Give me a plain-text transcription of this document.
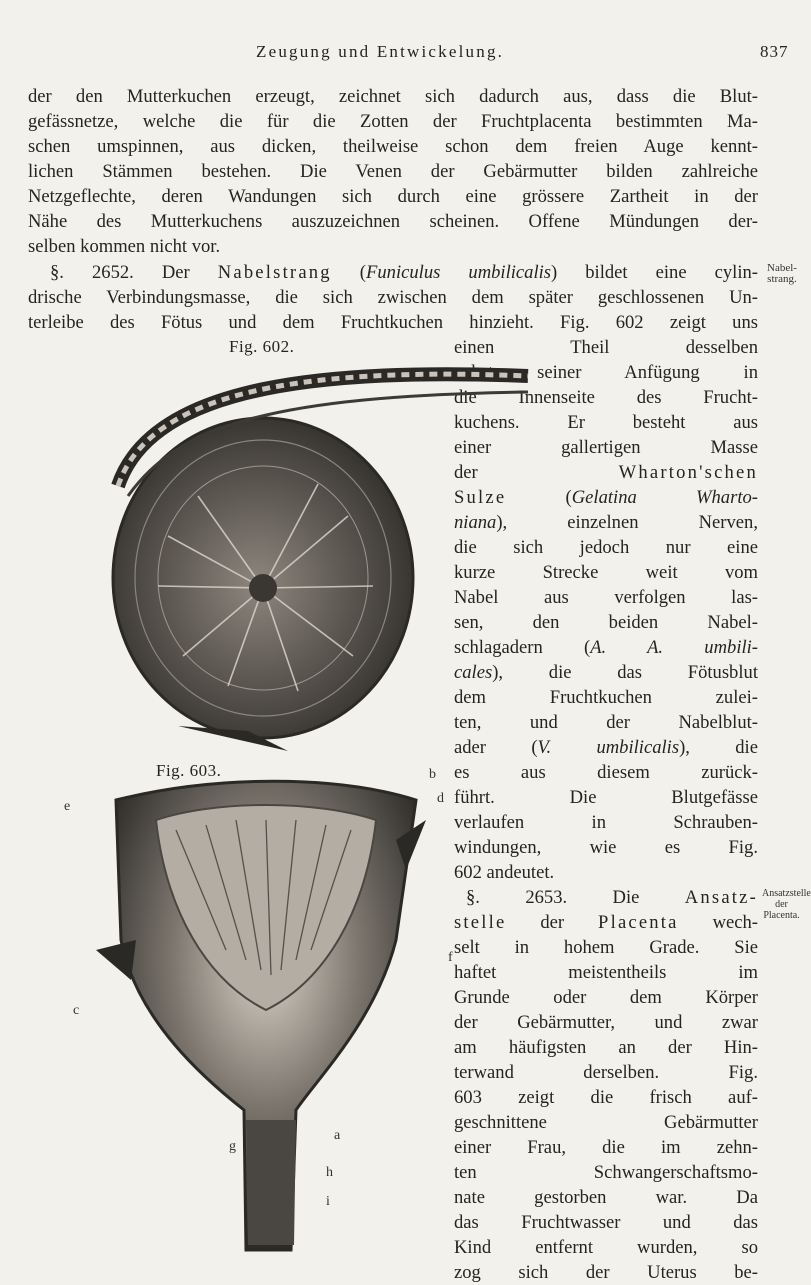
Zeugung und Entwickelung.	837
der den Mutterkuchen erzeugt, zeichnet sich dadurch aus, dass die Blut-
gefässnetze, welche die für die Zotten der Fruchtplacenta bestimmten Ma-
schen umspinnen, aus dicken, theilweise schon dem freien Auge kennt-
lichen Stämmen bestehen. Die Venen der Gebärmutter bilden zahlreiche
Netzgeflechte, deren Wandungen sich durch eine grössere Zartheit in der
Nähe des Mutterkuchens auszuzeichnen scheinen. Offene Mündungen der-
selben kommen nicht vor.
§. 2652. Der Nabelstrang (Funiculus umbilicalis) bildet eine cylin-
drische Verbindungsmasse, die sich zwischen dem später geschlossenen Un-
terleibe des Fötus und dem Fruchtkuchen hinzieht. Fig. 602 zeigt uns
Nabel-
strang.
einen Theil desselben
nebst seiner Anfügung in
die Innenseite des Frucht-
kuchens. Er besteht aus
einer gallertigen Masse
der Wharton'schen
Sulze (Gelatina Wharto-
niana), einzelnen Nerven,
die sich jedoch nur eine
kurze Strecke weit vom
Nabel aus verfolgen las-
sen, den beiden Nabel-
schlagadern (A. A. umbili-
cales), die das Fötusblut
dem Fruchtkuchen zulei-
ten, und der Nabelblut-
ader (V. umbilicalis), die
es aus diesem zurück-
führt. Die Blutgefässe
verlaufen in Schrauben-
windungen, wie es Fig.
602 andeutet.
§. 2653. Die Ansatz-
stelle der Placenta wech-
selt in hohem Grade. Sie
haftet meistentheils im
Grunde oder dem Körper
der Gebärmutter, und zwar
am häufigsten an der Hin-
terwand derselben. Fig.
603 zeigt die frisch auf-
geschnittene Gebärmutter
einer Frau, die im zehn-
ten Schwangerschaftsmo-
nate gestorben war. Da
das Fruchtwasser und das
Kind entfernt wurden, so
zog sich der Uterus be-
Ansatzstelle
der
Placenta.
Fig. 602.
Fig. 603.	b
d
e
f
c
a
g
h
i
